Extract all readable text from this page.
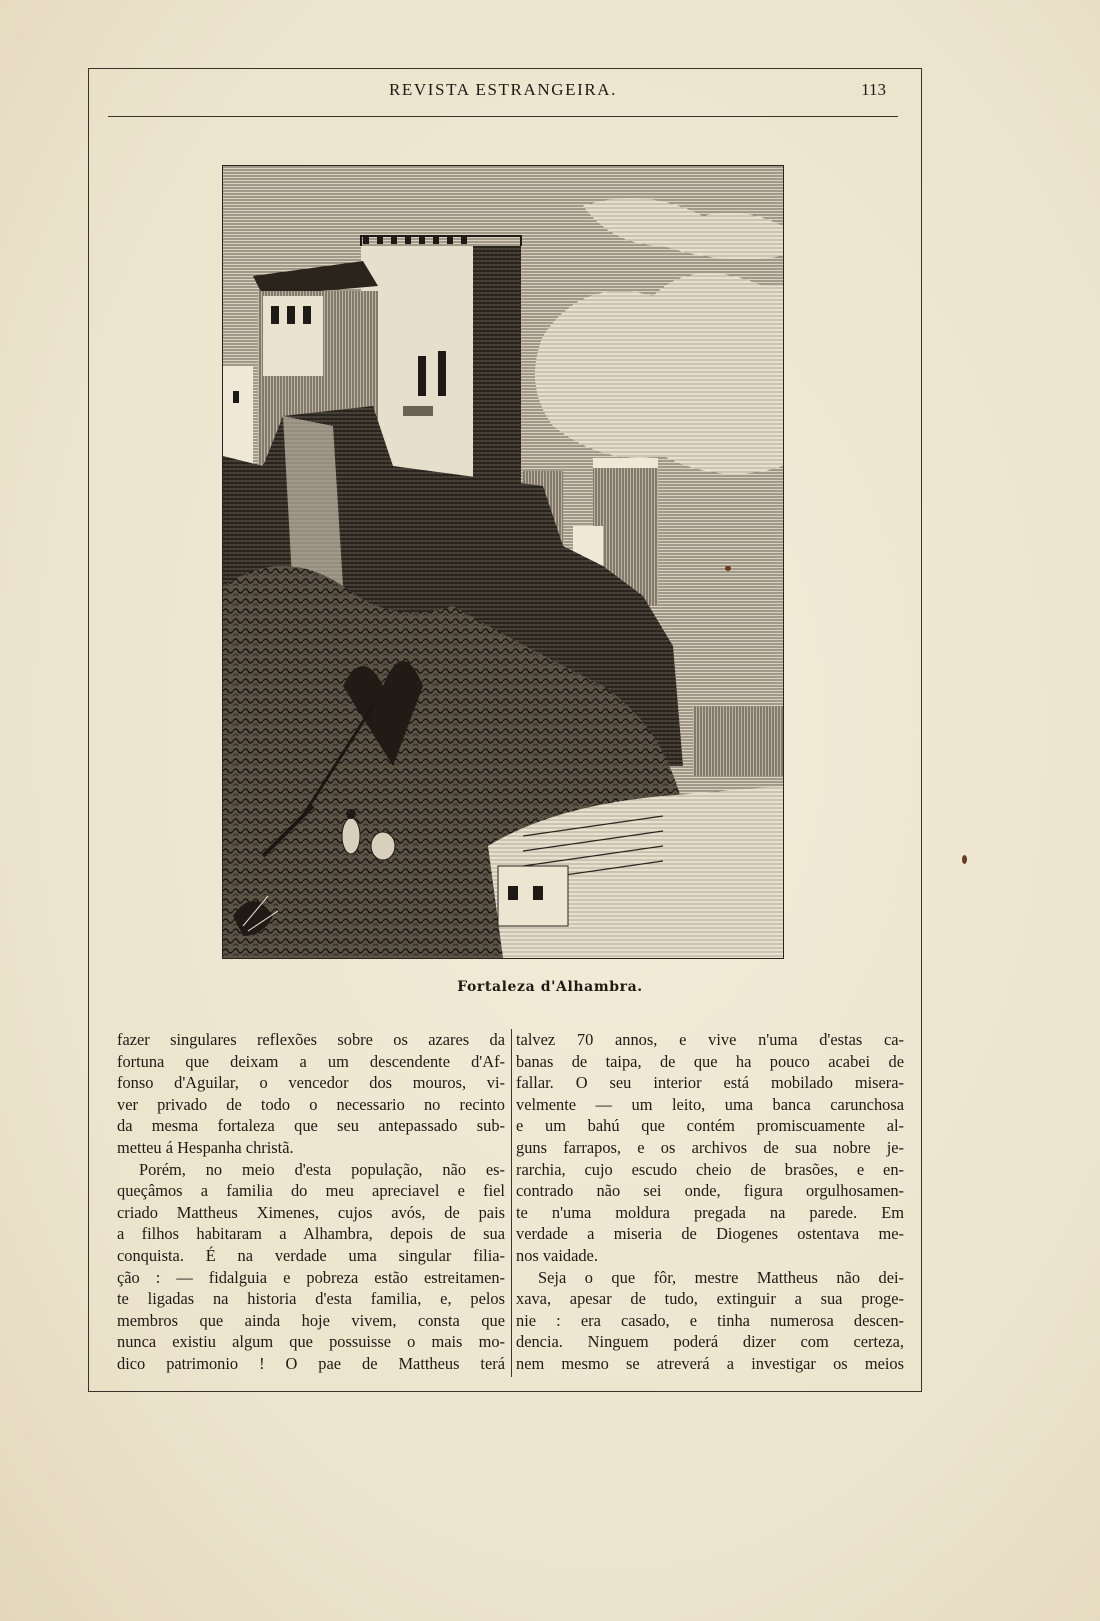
REVISTA ESTRANGEIRA.	113
Fortaleza d'Alhambra.
fazer singulares reflexões sobre os azares da
fortuna que deixam a um descendente d'Af-
fonso d'Aguilar, o vencedor dos mouros, vi-
ver privado de todo o necessario no recinto
da mesma fortaleza que seu antepassado sub-
metteu á Hespanha christã.
Porém, no meio d'esta população, não es-
queçâmos a familia do meu apreciavel e fiel
criado Mattheus Ximenes, cujos avós, de pais
a filhos habitaram a Alhambra, depois de sua
conquista. É na verdade uma singular filia-
ção : — fidalguia e pobreza estão estreitamen-
te ligadas na historia d'esta familia, e, pelos
membros que ainda hoje vivem, consta que
nunca existiu algum que possuisse o mais mo-
dico patrimonio ! O pae de Mattheus terá
talvez 70 annos, e vive n'uma d'estas ca-
banas de taipa, de que ha pouco acabei de
fallar. O seu interior está mobilado misera-
velmente — um leito, uma banca carunchosa
e um bahú que contém promiscuamente al-
guns farrapos, e os archivos de sua nobre je-
rarchia, cujo escudo cheio de brasões, e en-
contrado não sei onde, figura orgulhosamen-
te n'uma moldura pregada na parede. Em
verdade a miseria de Diogenes ostentava me-
nos vaidade.
Seja o que fôr, mestre Mattheus não dei-
xava, apesar de tudo, extinguir a sua proge-
nie : era casado, e tinha numerosa descen-
dencia. Ninguem poderá dizer com certeza,
nem mesmo se atreverá a investigar os meios
